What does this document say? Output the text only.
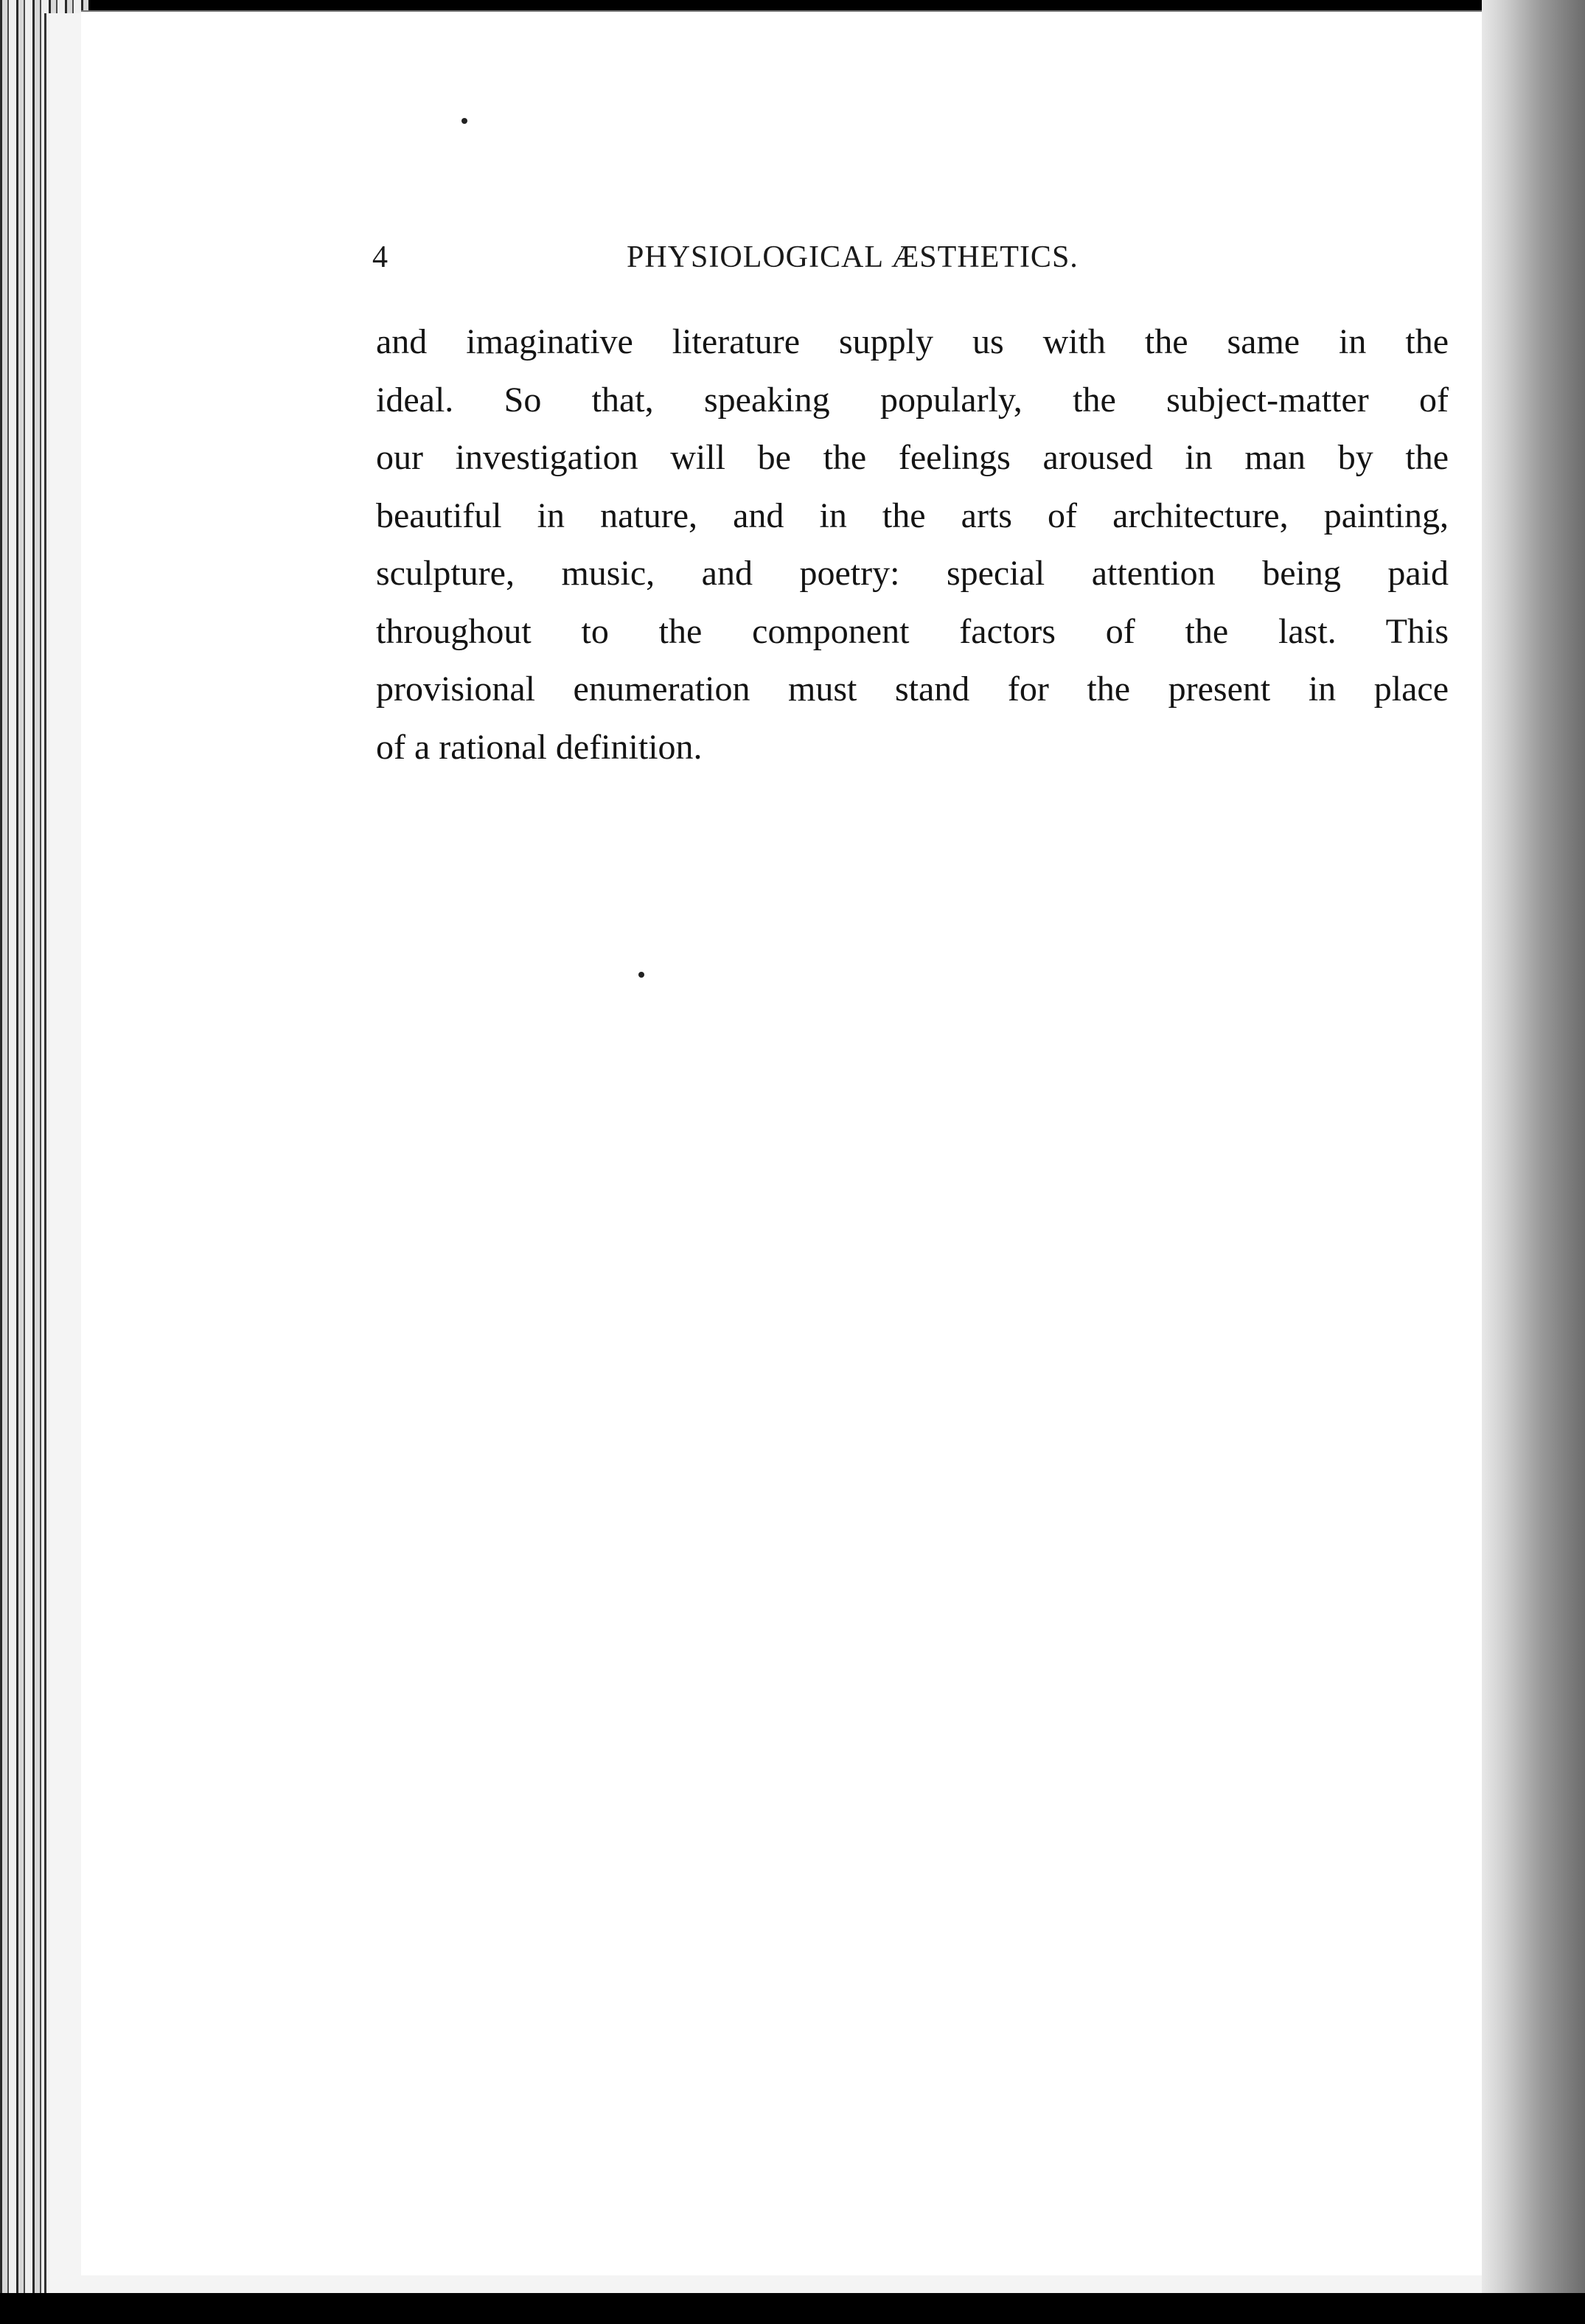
4	PHYSIOLOGICAL ÆSTHETICS.
and imaginative literature supply us with the same in the
ideal. So that, speaking popularly, the subject-matter of
our investigation will be the feelings aroused in man by the
beautiful in nature, and in the arts of architecture, painting,
sculpture, music, and poetry: special attention being paid
throughout to the component factors of the last. This
provisional enumeration must stand for the present in place
of a rational definition.
